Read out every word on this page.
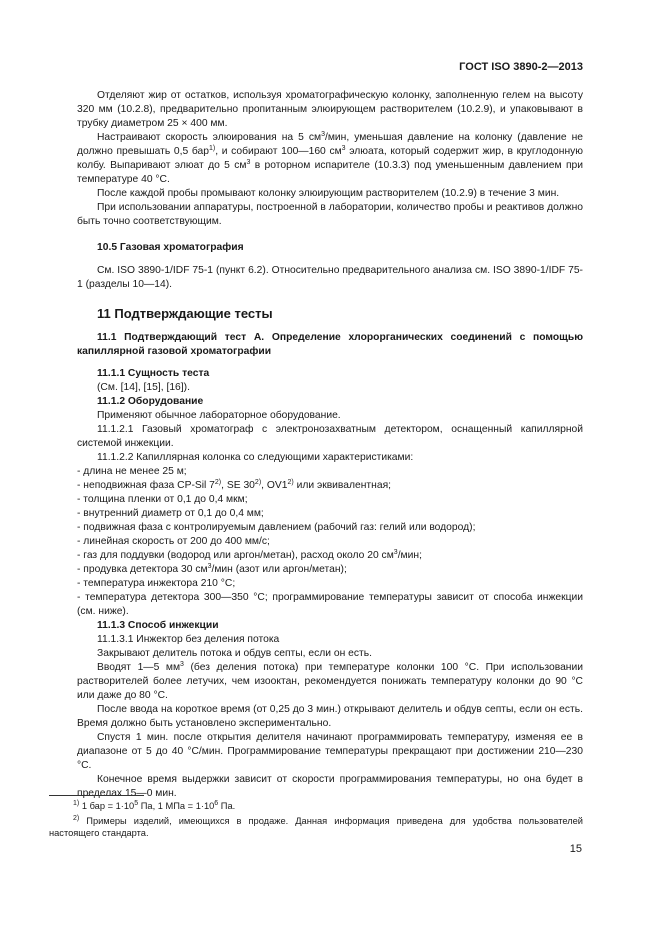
ГОСТ ISO 3890-2—2013

Отделяют жир от остатков, используя хроматографическую колонку, заполненную гелем на высоту 320 мм (10.2.8), предварительно пропитанным элюирующем растворителем (10.2.9), и упаковывают в трубку диаметром 25 × 400 мм.

Настраивают скорость элюирования на 5 $см^3$/мин, уменьшая давление на колонку (давление не должно превышать 0,5 бар$^{1)}$, и собирают 100—160 $см^3$ элюата, который содержит жир, в круглодонную колбу. Выпаривают элюат до 5 $см^3$ в роторном испарителе (10.3.3) под уменьшенным давлением при температуре 40 °С.

После каждой пробы промывают колонку элюирующим растворителем (10.2.9) в течение 3 мин.

При использовании аппаратуры, построенной в лаборатории, количество пробы и реактивов должно быть точно соответствующим.

10.5 Газовая хроматография

См. ISO 3890-1/IDF 75-1 (пункт 6.2). Относительно предварительного анализа см. ISO 3890-1/IDF 75-1 (разделы 10—14).

11 Подтверждающие тесты

11.1 Подтверждающий тест А. Определение хлорорганических соединений с помощью капиллярной газовой хроматографии

11.1.1 Сущность теста

(См. [14], [15], [16]).

11.1.2 Оборудование

Применяют обычное лабораторное оборудование.

11.1.2.1 Газовый хроматограф с электронозахватным детектором, оснащенный капиллярной системой инжекции.

11.1.2.2 Капиллярная колонка со следующими характеристиками:

- длина не менее 25 м;

- неподвижная фаза CP-Sil 7$^{2)}$, SE 30$^{2)}$, OV1$^{2)}$ или эквивалентная;

- толщина пленки от 0,1 до 0,4 мкм;

- внутренний диаметр от 0,1 до 0,4 мм;

- подвижная фаза с контролируемым давлением (рабочий газ: гелий или водород);

- линейная скорость от 200 до 400 мм/с;

- газ для поддувки (водород или аргон/метан), расход около 20 $см^3$/мин;

- продувка детектора 30 $см^3$/мин (азот или аргон/метан);

- температура инжектора 210 °С;

- температура детектора 300—350 °С; программирование температуры зависит от способа инжекции (см. ниже).

11.1.3 Способ инжекции

11.1.3.1 Инжектор без деления потока

Закрывают делитель потока и обдув септы, если он есть.

Вводят 1—5 $мм^3$ (без деления потока) при температуре колонки 100 °С. При использовании растворителей более летучих, чем изооктан, рекомендуется понижать температуру колонки до 90 °С или даже до 80 °С.

После ввода на короткое время (от 0,25 до 3 мин.) открывают делитель и обдув септы, если он есть. Время должно быть установлено экспериментально.

Спустя 1 мин. после открытия делителя начинают программировать температуру, изменяя ее в диапазоне от 5 до 40 °С/мин. Программирование температуры прекращают при достижении 210—230 °С.

Конечное время выдержки зависит от скорости программирования температуры, но она будет в пределах 15—0 мин.

$^{1)}$ 1 бар = $1\cdot 10^5$ Па, 1 МПа = $1\cdot 10^6$ Па.
$^{2)}$ Примеры изделий, имеющихся в продаже. Данная информация приведена для удобства пользователей настоящего стандарта.
15
